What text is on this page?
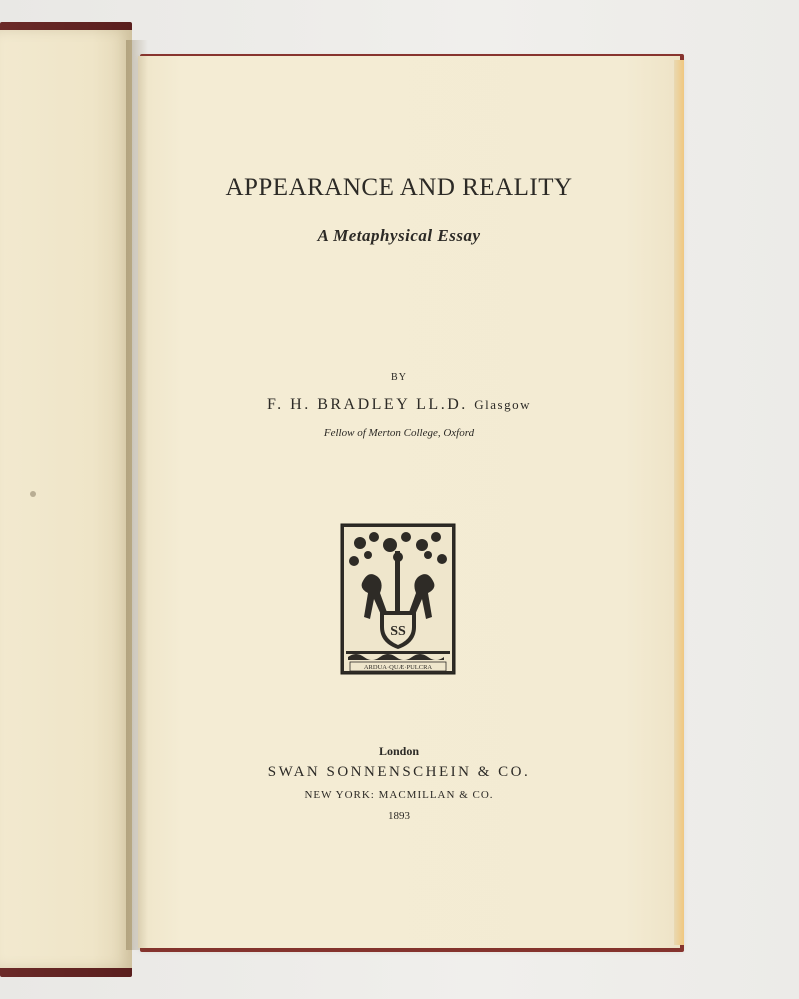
APPEARANCE AND REALITY
A Metaphysical Essay
BY
F. H. BRADLEY LL.D. Glasgow
Fellow of Merton College, Oxford
SS
ARDUA·QUÆ·PULCRA
London
SWAN SONNENSCHEIN & CO.
NEW YORK: MACMILLAN & CO.
1893
